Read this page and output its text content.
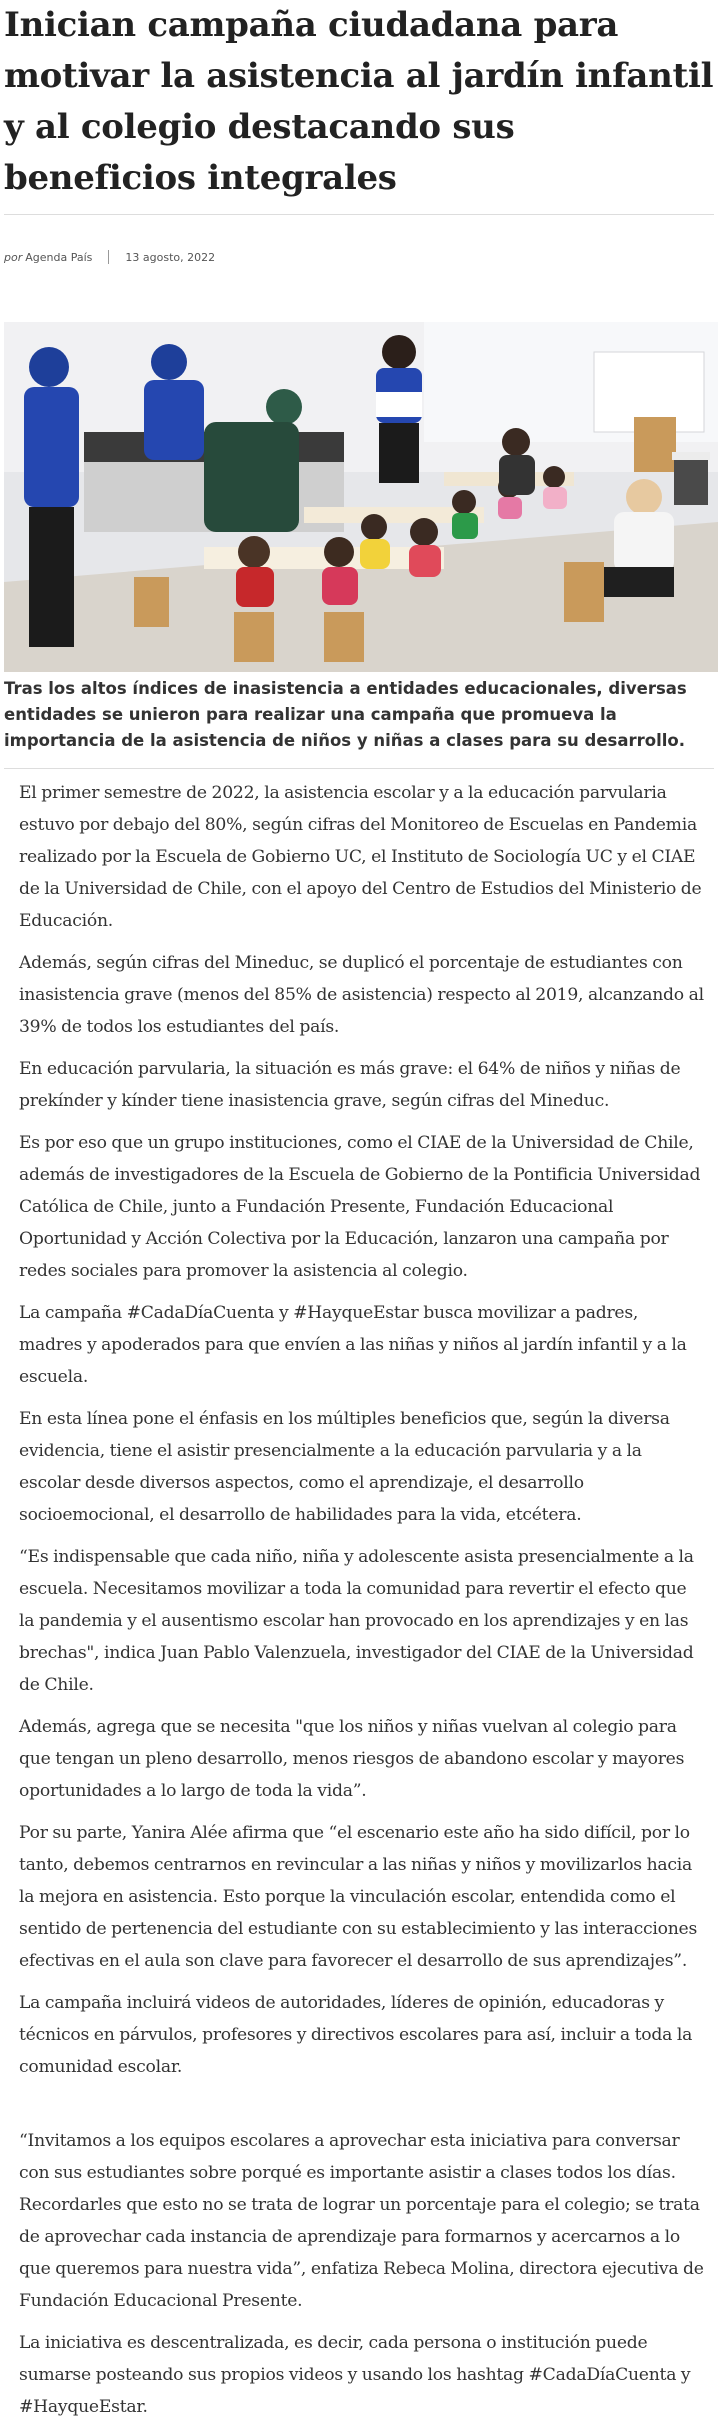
Inician campaña ciudadana para motivar la asistencia al jardín infantil y al colegio destacando sus beneficios integrales
por Agenda País	13 agosto, 2022

Tras los altos índices de inasistencia a entidades educacionales, diversas entidades se unieron para realizar una campaña que promueva la importancia de la asistencia de niños y niñas a clases para su desarrollo.

El primer semestre de 2022, la asistencia escolar y a la educación parvularia estuvo por debajo del 80%, según cifras del Monitoreo de Escuelas en Pandemia realizado por la Escuela de Gobierno UC, el Instituto de Sociología UC y el CIAE de la Universidad de Chile, con el apoyo del Centro de Estudios del Ministerio de Educación.

Además, según cifras del Mineduc, se duplicó el porcentaje de estudiantes con inasistencia grave (menos del 85% de asistencia) respecto al 2019, alcanzando al 39% de todos los estudiantes del país.

En educación parvularia, la situación es más grave: el 64% de niños y niñas de prekínder y kínder tiene inasistencia grave, según cifras del Mineduc.

Es por eso que un grupo instituciones, como el CIAE de la Universidad de Chile, además de investigadores de la Escuela de Gobierno de la Pontificia Universidad Católica de Chile, junto a Fundación Presente, Fundación Educacional Oportunidad y Acción Colectiva por la Educación, lanzaron una campaña por redes sociales para promover la asistencia al colegio.

La campaña #CadaDíaCuenta y #HayqueEstar busca movilizar a padres, madres y apoderados para que envíen a las niñas y niños al jardín infantil y a la escuela.

En esta línea pone el énfasis en los múltiples beneficios que, según la diversa evidencia, tiene el asistir presencialmente a la educación parvularia y a la escolar desde diversos aspectos, como el aprendizaje, el desarrollo socioemocional, el desarrollo de habilidades para la vida, etcétera.

“Es indispensable que cada niño, niña y adolescente asista presencialmente a la escuela. Necesitamos movilizar a toda la comunidad para revertir el efecto que la pandemia y el ausentismo escolar han provocado en los aprendizajes y en las brechas", indica Juan Pablo Valenzuela, investigador del CIAE de la Universidad de Chile.

Además, agrega que se necesita "que los niños y niñas vuelvan al colegio para que tengan un pleno desarrollo, menos riesgos de abandono escolar y mayores oportunidades a lo largo de toda la vida”.

Por su parte, Yanira Alée afirma que “el escenario este año ha sido difícil, por lo tanto, debemos centrarnos en revincular a las niñas y niños y movilizarlos hacia la mejora en asistencia. Esto porque la vinculación escolar, entendida como el sentido de pertenencia del estudiante con su establecimiento y las interacciones efectivas en el aula son clave para favorecer el desarrollo de sus aprendizajes”.

La campaña incluirá videos de autoridades, líderes de opinión, educadoras y técnicos en párvulos, profesores y directivos escolares para así, incluir a toda la comunidad escolar.

“Invitamos a los equipos escolares a aprovechar esta iniciativa para conversar con sus estudiantes sobre porqué es importante asistir a clases todos los días. Recordarles que esto no se trata de lograr un porcentaje para el colegio; se trata de aprovechar cada instancia de aprendizaje para formarnos y acercarnos a lo que queremos para nuestra vida”, enfatiza Rebeca Molina, directora ejecutiva de Fundación Educacional Presente.

La iniciativa es descentralizada, es decir, cada persona o institución puede sumarse posteando sus propios videos y usando los hashtag #CadaDíaCuenta y #HayqueEstar.
